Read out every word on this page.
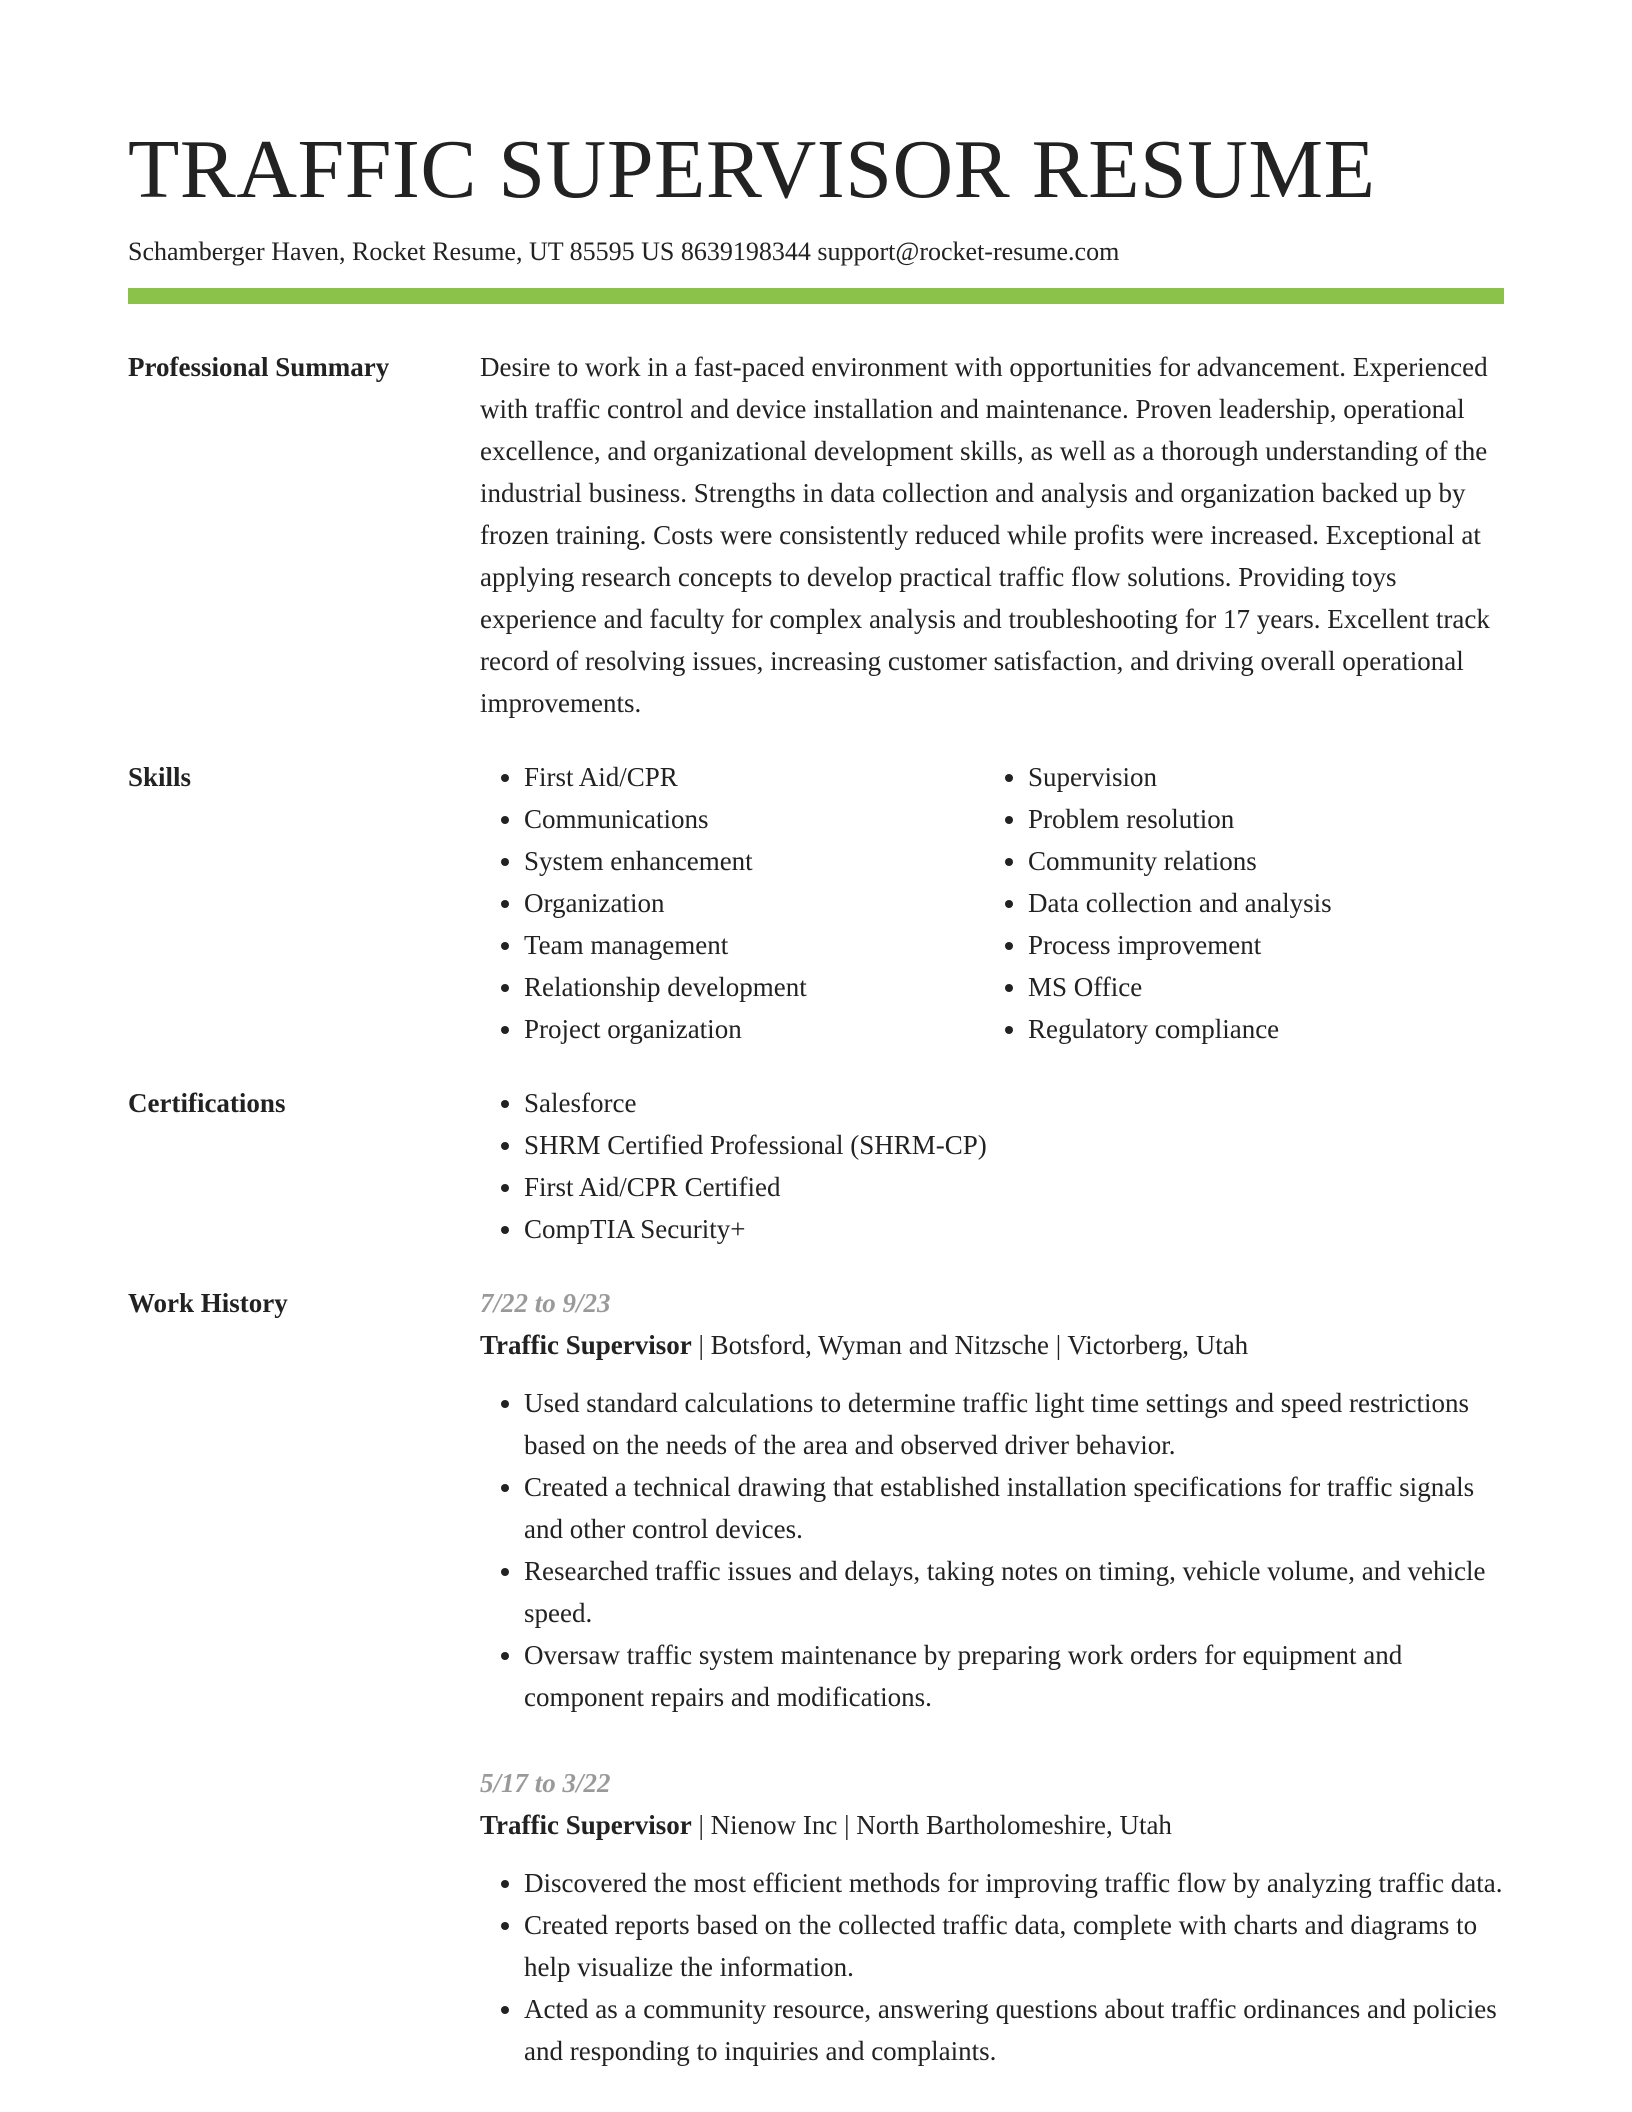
TRAFFIC SUPERVISOR RESUME
Schamberger Haven, Rocket Resume, UT 85595 US 8639198344 support@rocket-resume.com
Professional Summary	Desire to work in a fast-paced environment with opportunities for advancement. Experienced with traffic control and device installation and maintenance. Proven leadership, operational excellence, and organizational development skills, as well as a thorough understanding of the industrial business. Strengths in data collection and analysis and organization backed up by frozen training. Costs were consistently reduced while profits were increased. Exceptional at applying research concepts to develop practical traffic flow solutions. Providing toys experience and faculty for complex analysis and troubleshooting for 17 years. Excellent track record of resolving issues, increasing customer satisfaction, and driving overall operational improvements.

Skills	• First Aid/CPR
• Communications
• System enhancement
• Organization
• Team management
• Relationship development
• Project organization
• Supervision
• Problem resolution
• Community relations
• Data collection and analysis
• Process improvement
• MS Office
• Regulatory compliance
Certifications	• Salesforce
• SHRM Certified Professional (SHRM-CP)
• First Aid/CPR Certified
• CompTIA Security+
Work History	7/22 to 9/23
Traffic Supervisor | Botsford, Wyman and Nitzsche | Victorberg, Utah
• Used standard calculations to determine traffic light time settings and speed restrictions based on the needs of the area and observed driver behavior.
• Created a technical drawing that established installation specifications for traffic signals and other control devices.
• Researched traffic issues and delays, taking notes on timing, vehicle volume, and vehicle speed.
• Oversaw traffic system maintenance by preparing work orders for equipment and component repairs and modifications.
5/17 to 3/22
Traffic Supervisor | Nienow Inc | North Bartholomeshire, Utah
• Discovered the most efficient methods for improving traffic flow by analyzing traffic data.
• Created reports based on the collected traffic data, complete with charts and diagrams to help visualize the information.
• Acted as a community resource, answering questions about traffic ordinances and policies and responding to inquiries and complaints.
